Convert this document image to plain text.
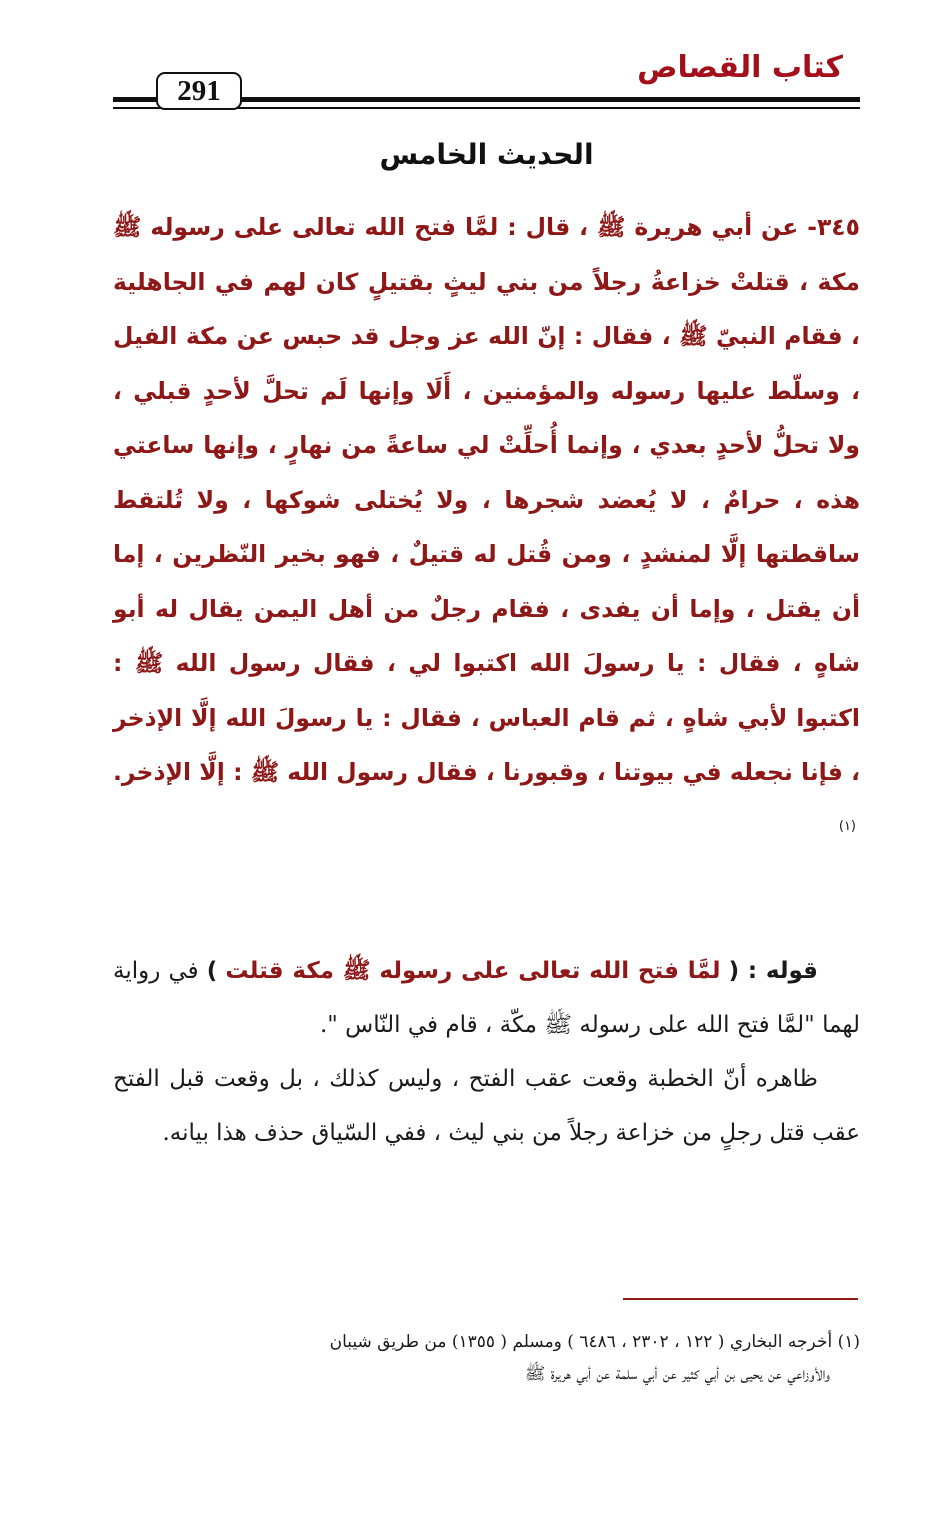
كتاب القصاص
291
الحديث الخامس
٣٤٥- عن أبي هريرة ﷺ ، قال : لمَّا فتح الله تعالى على رسوله ﷺ مكة ، قتلتْ خزاعةُ رجلاً من بني ليثٍ بقتيلٍ كان لهم في الجاهلية ، فقام النبيّ ﷺ ، فقال : إنّ الله عز وجل قد حبس عن مكة الفيل ، وسلّط عليها رسوله والمؤمنين ، أَلَا وإنها لَم تحلَّ لأحدٍ قبلي ، ولا تحلُّ لأحدٍ بعدي ، وإنما أُحلِّتْ لي ساعةً من نهارٍ ، وإنها ساعتي هذه ، حرامٌ ، لا يُعضد شجرها ، ولا يُختلى شوكها ، ولا تُلتقط ساقطتها إلَّا لمنشدٍ ، ومن قُتل له قتيلٌ ، فهو بخير النّظرين ، إما أن يقتل ، وإما أن يفدى ، فقام رجلٌ من أهل اليمن يقال له أبو شاهٍ ، فقال : يا رسولَ الله اكتبوا لي ، فقال رسول الله ﷺ : اكتبوا لأبي شاهٍ ، ثم قام العباس ، فقال : يا رسولَ الله إلَّا الإذخر ، فإنا نجعله في بيوتنا ، وقبورنا ، فقال رسول الله ﷺ : إلَّا الإذخر. $^{(١)}$

قوله : ( لمَّا فتح الله تعالى على رسوله ﷺ مكة قتلت ) في رواية لهما "لمَّا فتح الله على رسوله ﷺ مكّة ، قام في النّاس ".

ظاهره أنّ الخطبة وقعت عقب الفتح ، وليس كذلك ، بل وقعت قبل الفتح عقب قتل رجلٍ من خزاعة رجلاً من بني ليث ، ففي السّياق حذف هذا بيانه.

(١) أخرجه البخاري ( ١٢٢ ، ٢٣٠٢ ، ٦٤٨٦ ) ومسلم ( ١٣٥٥) من طريق شيبان

والأوزاعي عن يحيى بن أبي كثير عن أبي سلمة عن أبي هريرة ﷺ
